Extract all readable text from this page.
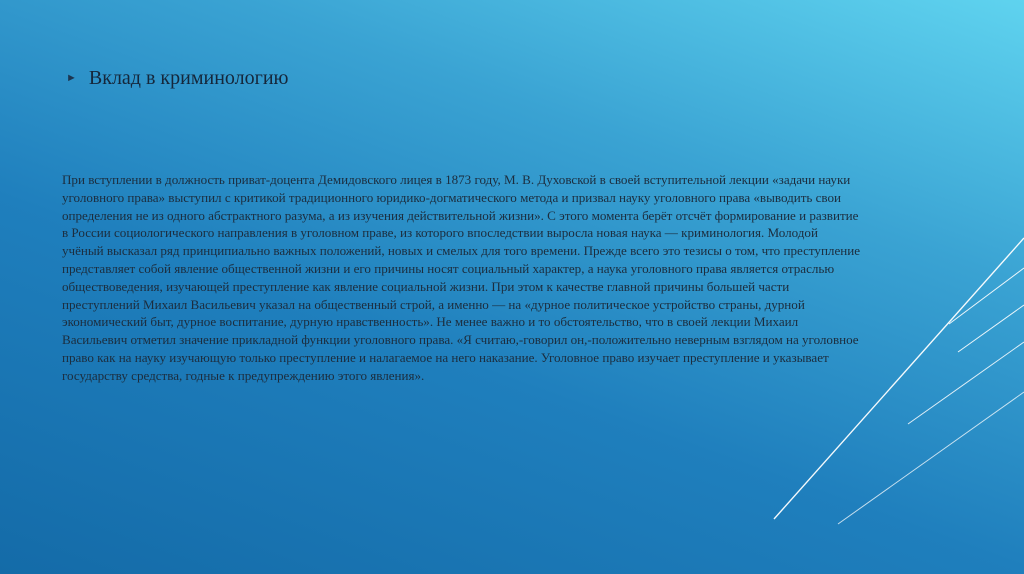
► Вклад в криминологию
При вступлении в должность приват-доцента Демидовского лицея в 1873 году, М. В. Духовской в своей вступительной лекции «задачи науки уголовного права» выступил с критикой традиционного юридико-догматического метода и призвал науку уголовного права «выводить свои определения не из одного абстрактного разума, а из изучения действительной жизни». С этого момента берёт отсчёт формирование и развитие в России социологического направления в уголовном праве, из которого впоследствии выросла новая наука — криминология. Молодой учёный высказал ряд принципиально важных положений, новых и смелых для того времени. Прежде всего это тезисы о том, что преступление представляет собой явление общественной жизни и его причины носят социальный характер, а наука уголовного права является отраслью обществоведения, изучающей преступление как явление социальной жизни. При этом к качестве главной причины большей части преступлений Михаил Васильевич указал на общественный строй, а именно — на «дурное политическое устройство страны, дурной экономический быт, дурное воспитание, дурную нравственность». Не менее важно и то обстоятельство, что в своей лекции Михаил Васильевич отметил значение прикладной функции уголовного права. «Я считаю,-говорил он,-положительно неверным взглядом на уголовное право как на науку изучающую только преступление и налагаемое на него наказание. Уголовное право изучает преступление и указывает государству средства, годные к предупреждению этого явления».
